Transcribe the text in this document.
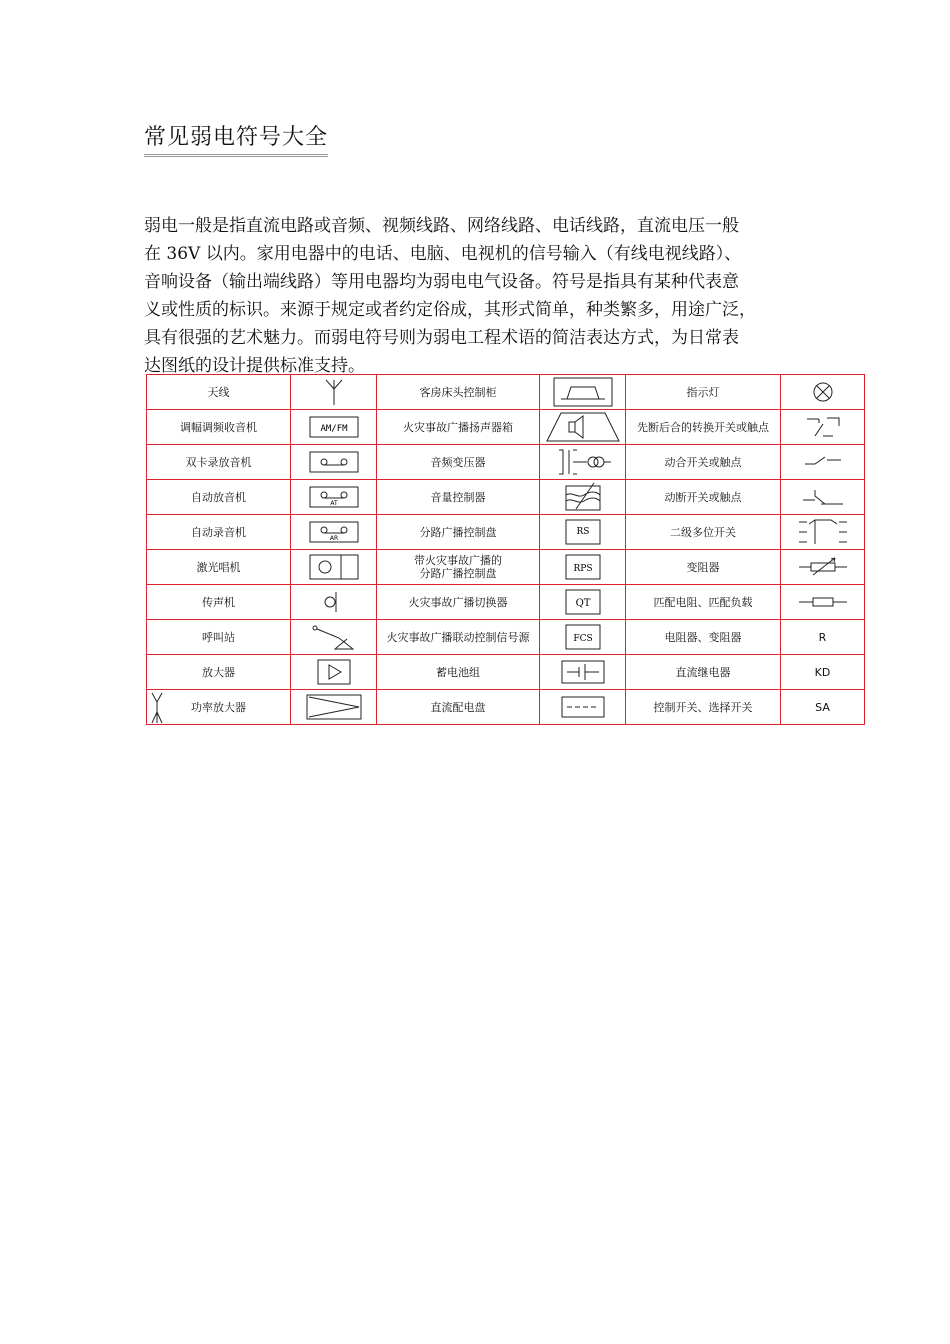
常见弱电符号大全
弱电一般是指直流电路或音频、视频线路、网络线路、电话线路，直流电压一般
在 36V 以内。家用电器中的电话、电脑、电视机的信号输入（有线电视线路）、
音响设备（输出端线路）等用电器均为弱电电气设备。符号是指具有某种代表意
义或性质的标识。来源于规定或者约定俗成，其形式简单，种类繁多，用途广泛，
具有很强的艺术魅力。而弱电符号则为弱电工程术语的简洁表达方式，为日常表
达图纸的设计提供标准支持。
天线		客房床头控制柜		指示灯	

调幅调频收音机	AM/FM	火灾事故广播扬声器箱		先断后合的转换开关或触点	

双卡录放音机		音频变压器		动合开关或触点	

自动放音机	AT	音量控制器		动断开关或触点	

自动录音机	AR	分路广播控制盘	RS	二级多位开关	

激光唱机		带火灾事故广播的
分路广播控制盘	RPS	变阻器	

传声机		火灾事故广播切换器	QT	匹配电阻、匹配负载	

呼叫站		火灾事故广播联动控制信号源	FCS	电阻器、变阻器	R
放大器		蓄电池组		直流继电器	KD

功率放大器		直流配电盘		控制开关、选择开关	SA
